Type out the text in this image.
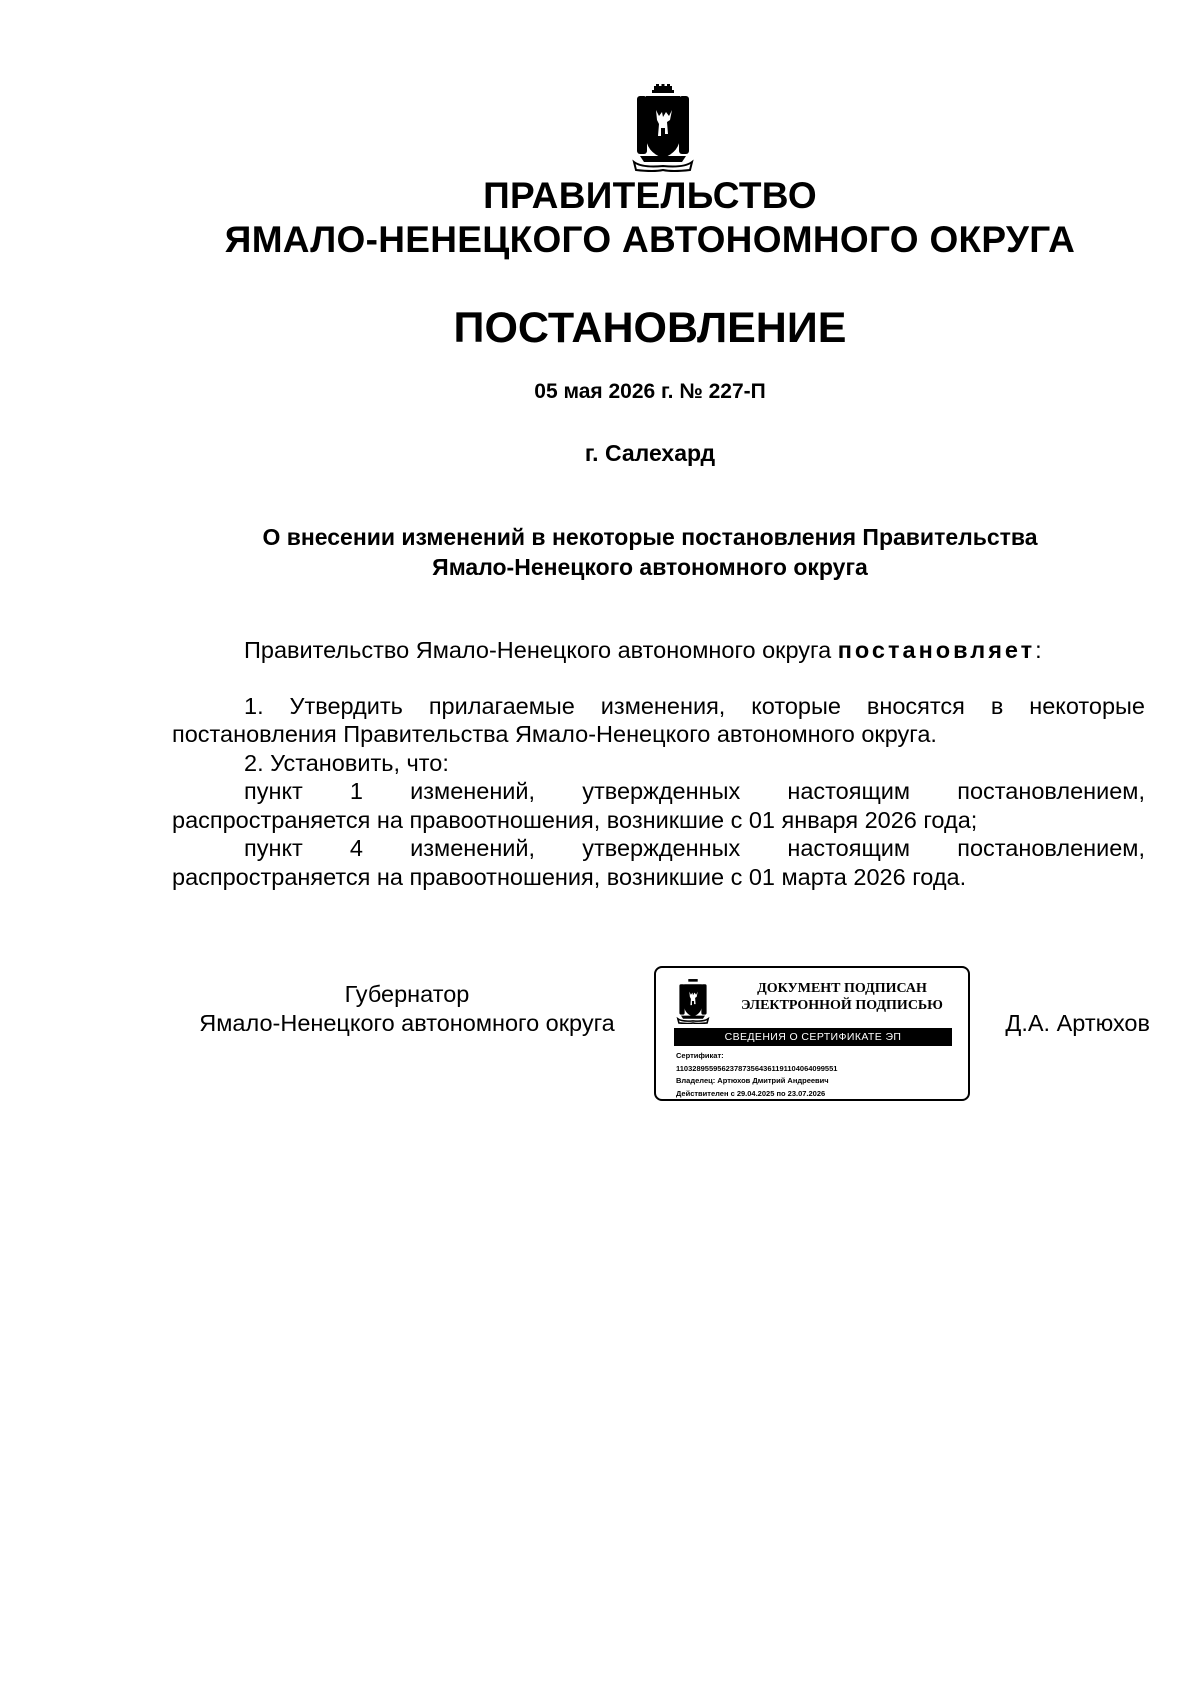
ПРАВИТЕЛЬСТВО
ЯМАЛО-НЕНЕЦКОГО АВТОНОМНОГО ОКРУГА
ПОСТАНОВЛЕНИЕ
05 мая 2026 г. № 227-П
г. Салехард
О внесении изменений в некоторые постановления Правительства
Ямало-Ненецкого автономного округа

Правительство Ямало-Ненецкого автономного округа постановляет:

1. Утвердить прилагаемые изменения, которые вносятся в некоторые постановления Правительства Ямало-Ненецкого автономного округа.

2. Установить, что:

пункт 1 изменений, утвержденных настоящим постановлением, распространяется на правоотношения, возникшие с 01 января 2026 года;

пункт 4 изменений, утвержденных настоящим постановлением, распространяется на правоотношения, возникшие с 01 марта 2026 года.

Губернатор
Ямало-Ненецкого автономного округа
ДОКУМЕНТ ПОДПИСАН
ЭЛЕКТРОННОЙ ПОДПИСЬЮ
СВЕДЕНИЯ О СЕРТИФИКАТЕ ЭП
Сертификат:
110328955956237873564361191104064099551
Владелец: Артюхов Дмитрий Андреевич
Действителен с 29.04.2025 по 23.07.2026
Д.А. Артюхов
